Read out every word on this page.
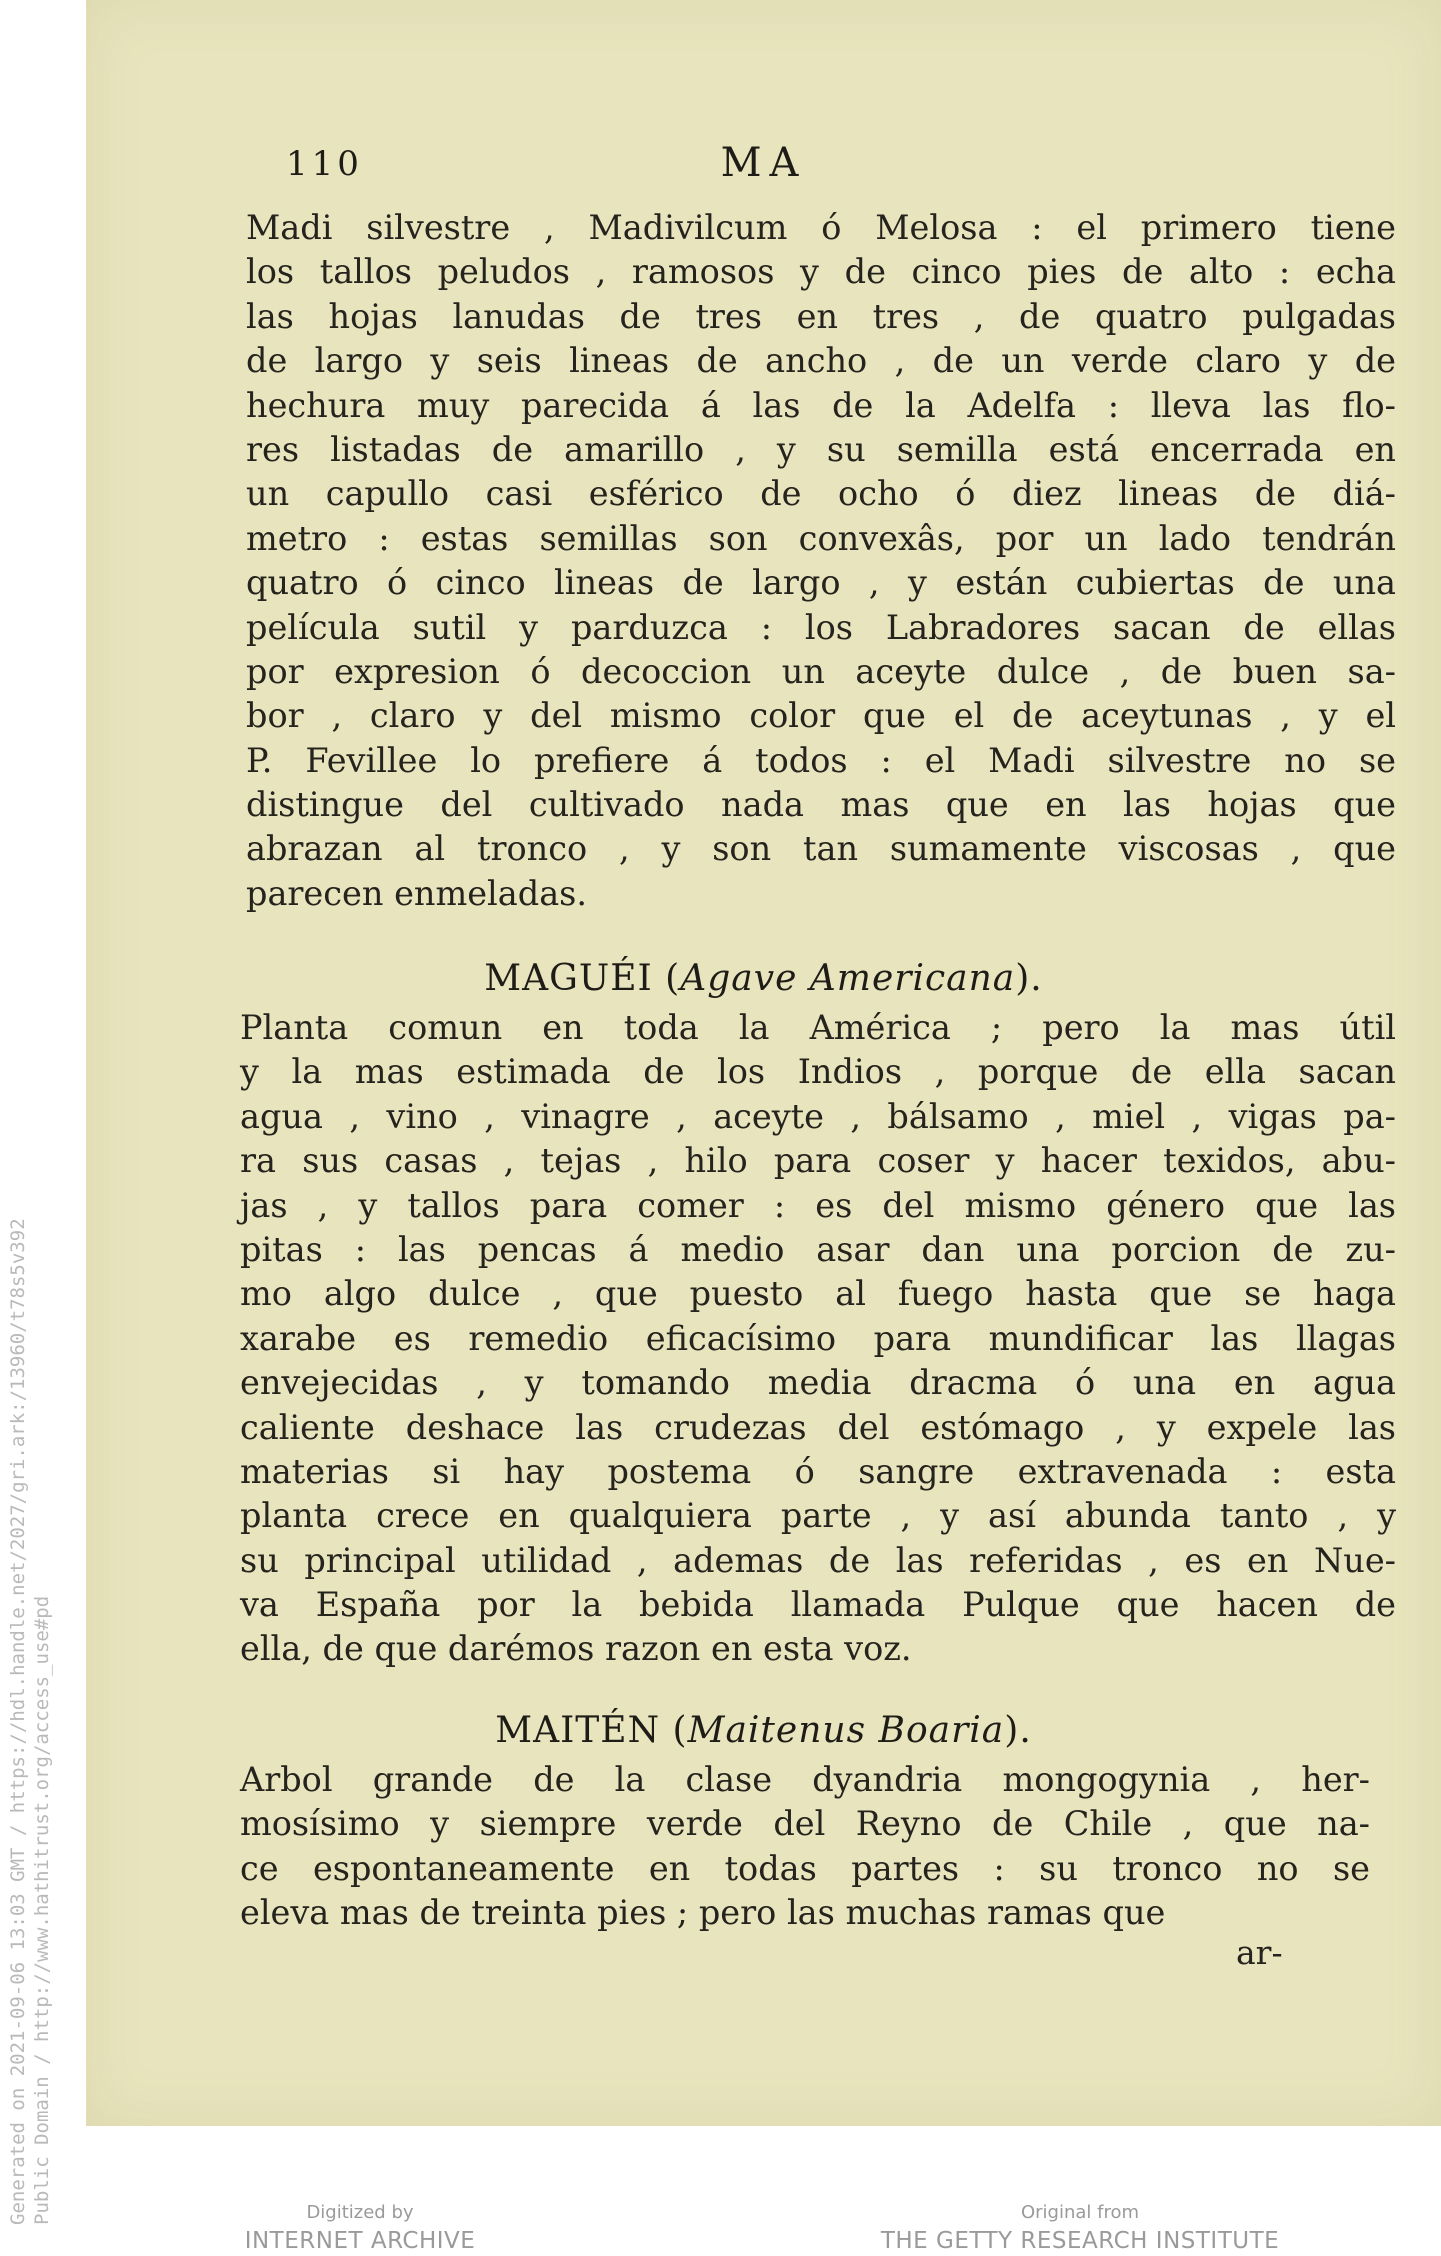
Generated on 2021-09-06 13:03 GMT / https://hdl.handle.net/2027/gri.ark:/13960/t78s5v392 Public Domain / http://www.hathitrust.org/access_use#pd
110	MA
Madi silvestre , Madivilcum ó Melosa : el primero tiene
los tallos peludos , ramosos y de cinco pies de alto : echa
las hojas lanudas de tres en tres , de quatro pulgadas
de largo y seis lineas de ancho , de un verde claro y de
hechura muy parecida á las de la Adelfa : lleva las flo-
res listadas de amarillo , y su semilla está encerrada en
un capullo casi esférico de ocho ó diez lineas de diá-
metro : estas semillas son convexâs, por un lado tendrán
quatro ó cinco lineas de largo , y están cubiertas de una
película sutil y parduzca : los Labradores sacan de ellas
por expresion ó decoccion un aceyte dulce , de buen sa-
bor , claro y del mismo color que el de aceytunas , y el
P. Fevillee lo prefiere á todos : el Madi silvestre no se
distingue del cultivado nada mas que en las hojas que
abrazan al tronco , y son tan sumamente viscosas , que
parecen enmeladas.
MAGUÉI (Agave Americana).
Planta comun en toda la América ; pero la mas útil
y la mas estimada de los Indios , porque de ella sacan
agua , vino , vinagre , aceyte , bálsamo , miel , vigas pa-
ra sus casas , tejas , hilo para coser y hacer texidos, abu-
jas , y tallos para comer : es del mismo género que las
pitas : las pencas á medio asar dan una porcion de zu-
mo algo dulce , que puesto al fuego hasta que se haga
xarabe es remedio eficacísimo para mundificar las llagas
envejecidas , y tomando media dracma ó una en agua
caliente deshace las crudezas del estómago , y expele las
materias si hay postema ó sangre extravenada : esta
planta crece en qualquiera parte , y así abunda tanto , y
su principal utilidad , ademas de las referidas , es en Nue-
va España por la bebida llamada Pulque que hacen de
ella, de que darémos razon en esta voz.
MAITÉN (Maitenus Boaria).
Arbol grande de la clase dyandria mongogynia , her-
mosísimo y siempre verde del Reyno de Chile , que na-
ce espontaneamente en todas partes : su tronco no se
eleva mas de treinta pies ; pero las muchas ramas que
ar-
Digitized by
INTERNET ARCHIVE
Original from
THE GETTY RESEARCH INSTITUTE
